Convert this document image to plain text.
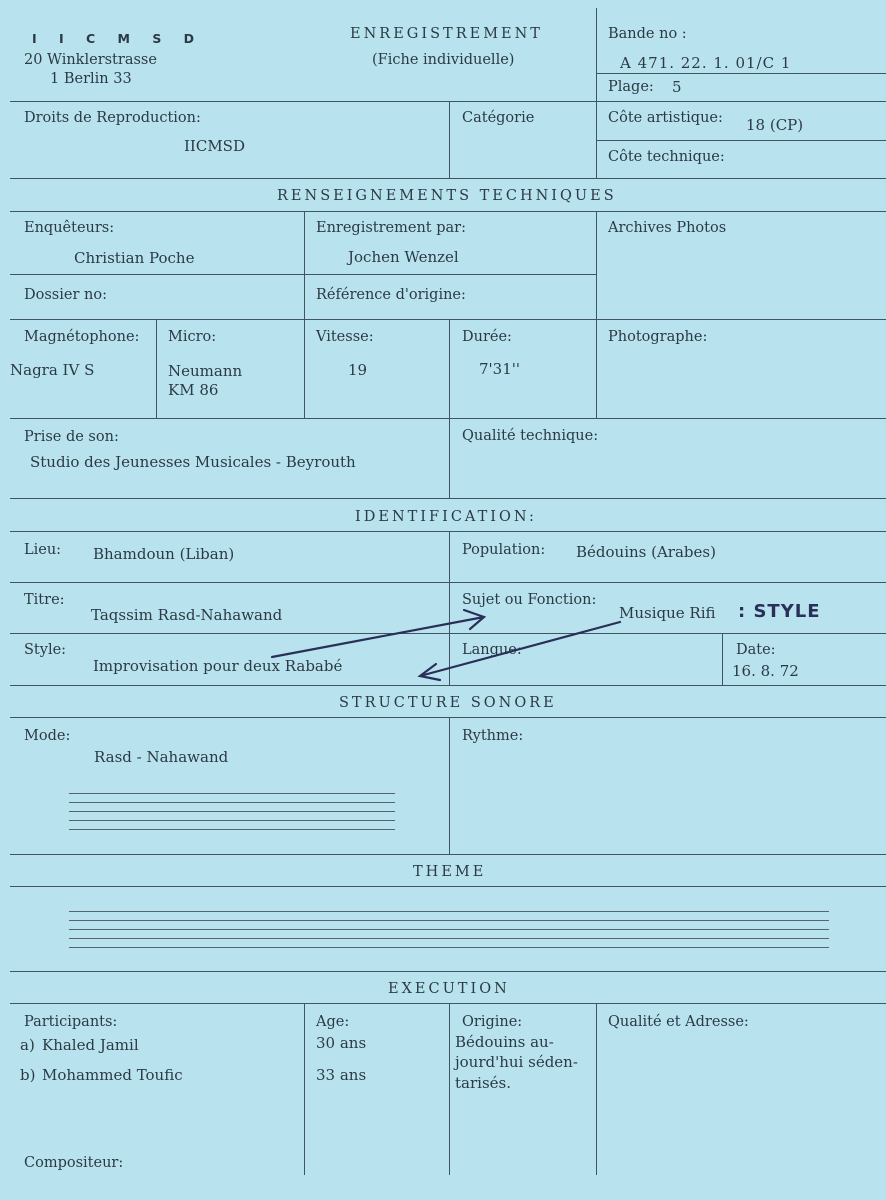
I I C M S D
20 Winklerstrasse
1 Berlin 33
ENREGISTREMENT
(Fiche individuelle)
Bande no :
A 471. 22. 1. 01/C 1
Plage: 5
Droits de Reproduction:
IICMSD
Catégorie	Côte artistique: 18 (CP)
Côte technique:
RENSEIGNEMENTS TECHNIQUES
Enquêteurs:
Christian Poche
Enregistrement par:
Jochen Wenzel
Archives Photos
Dossier no:	Référence d'origine:
Magnétophone:
Nagra IV S
Micro:
Neumann
KM 86
Vitesse:
19
Durée:
7'31''
Photographe:
Prise de son:
Studio des Jeunesses Musicales - Beyrouth
Qualité technique:
IDENTIFICATION:
Lieu: Bhamdoun (Liban)	Population: Bédouins (Arabes)
Titre:
Taqssim Rasd-Nahawand
Sujet ou Fonction:
Musique Rifi : STYLE
Style:
Improvisation pour deux Rababé
Langue:	Date:
16. 8. 72
STRUCTURE SONORE
Mode:
Rasd - Nahawand
Rythme:
THEME
EXECUTION
Participants:
a) Khaled Jamil
b) Mohammed Toufic
Age:
30 ans
33 ans
Origine:
Bédouins au-
jourd'hui séden-
tarisés.
Qualité et Adresse:
Compositeur:
